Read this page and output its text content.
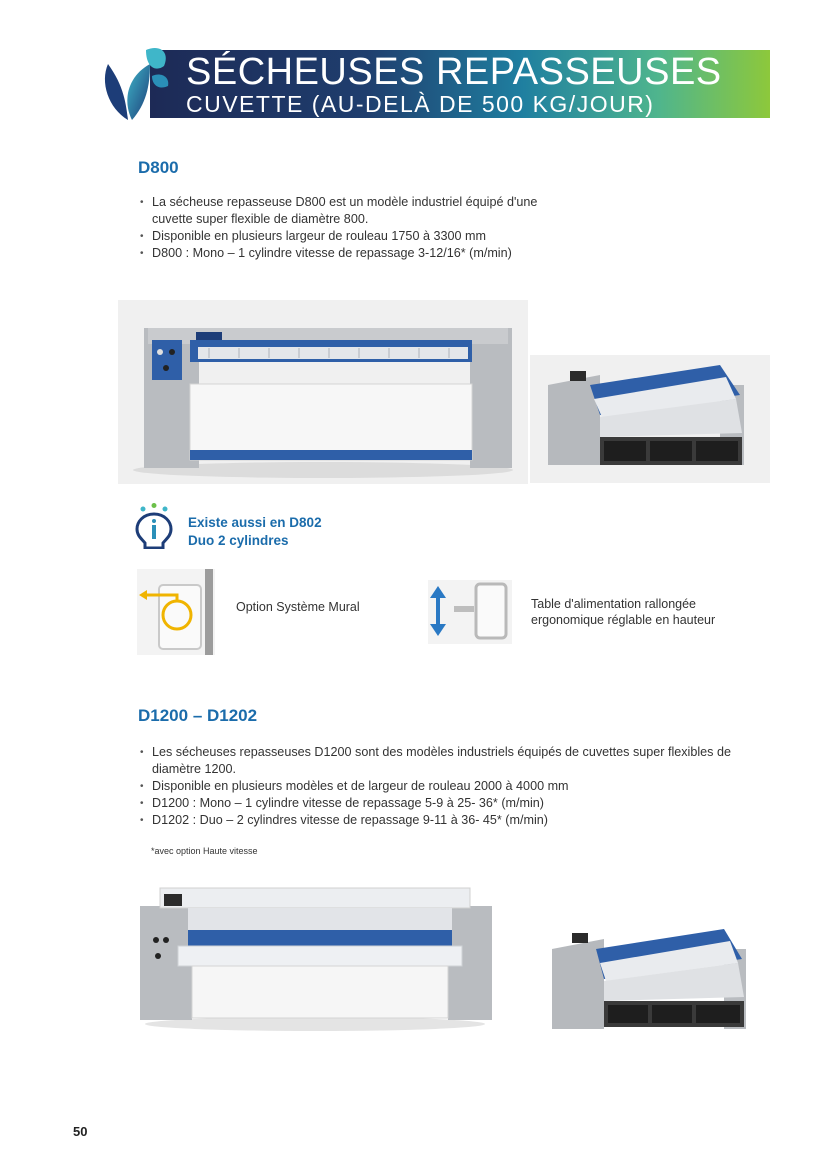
SÉCHEUSES REPASSEUSES
CUVETTE (AU-DELÀ DE 500 KG/JOUR)
D800
• La sécheuse repasseuse D800 est un modèle industriel équipé d'une cuvette super flexible de diamètre 800.
• Disponible en plusieurs largeur de rouleau 1750 à 3300 mm
• D800 : Mono – 1 cylindre vitesse de repassage 3-12/16* (m/min)
Existe aussi en D802
Duo 2 cylindres
Option Système Mural	Table d'alimentation rallongée
ergonomique réglable en hauteur
D1200 – D1202
• Les sécheuses repasseuses D1200 sont des modèles industriels équipés de cuvettes super flexibles de diamètre 1200.
• Disponible en plusieurs modèles et de largeur de rouleau 2000 à 4000 mm
• D1200 : Mono – 1 cylindre vitesse de repassage 5-9 à 25- 36* (m/min)
• D1202 : Duo – 2 cylindres vitesse de repassage 9-11 à 36- 45* (m/min)
*avec option Haute vitesse
50
